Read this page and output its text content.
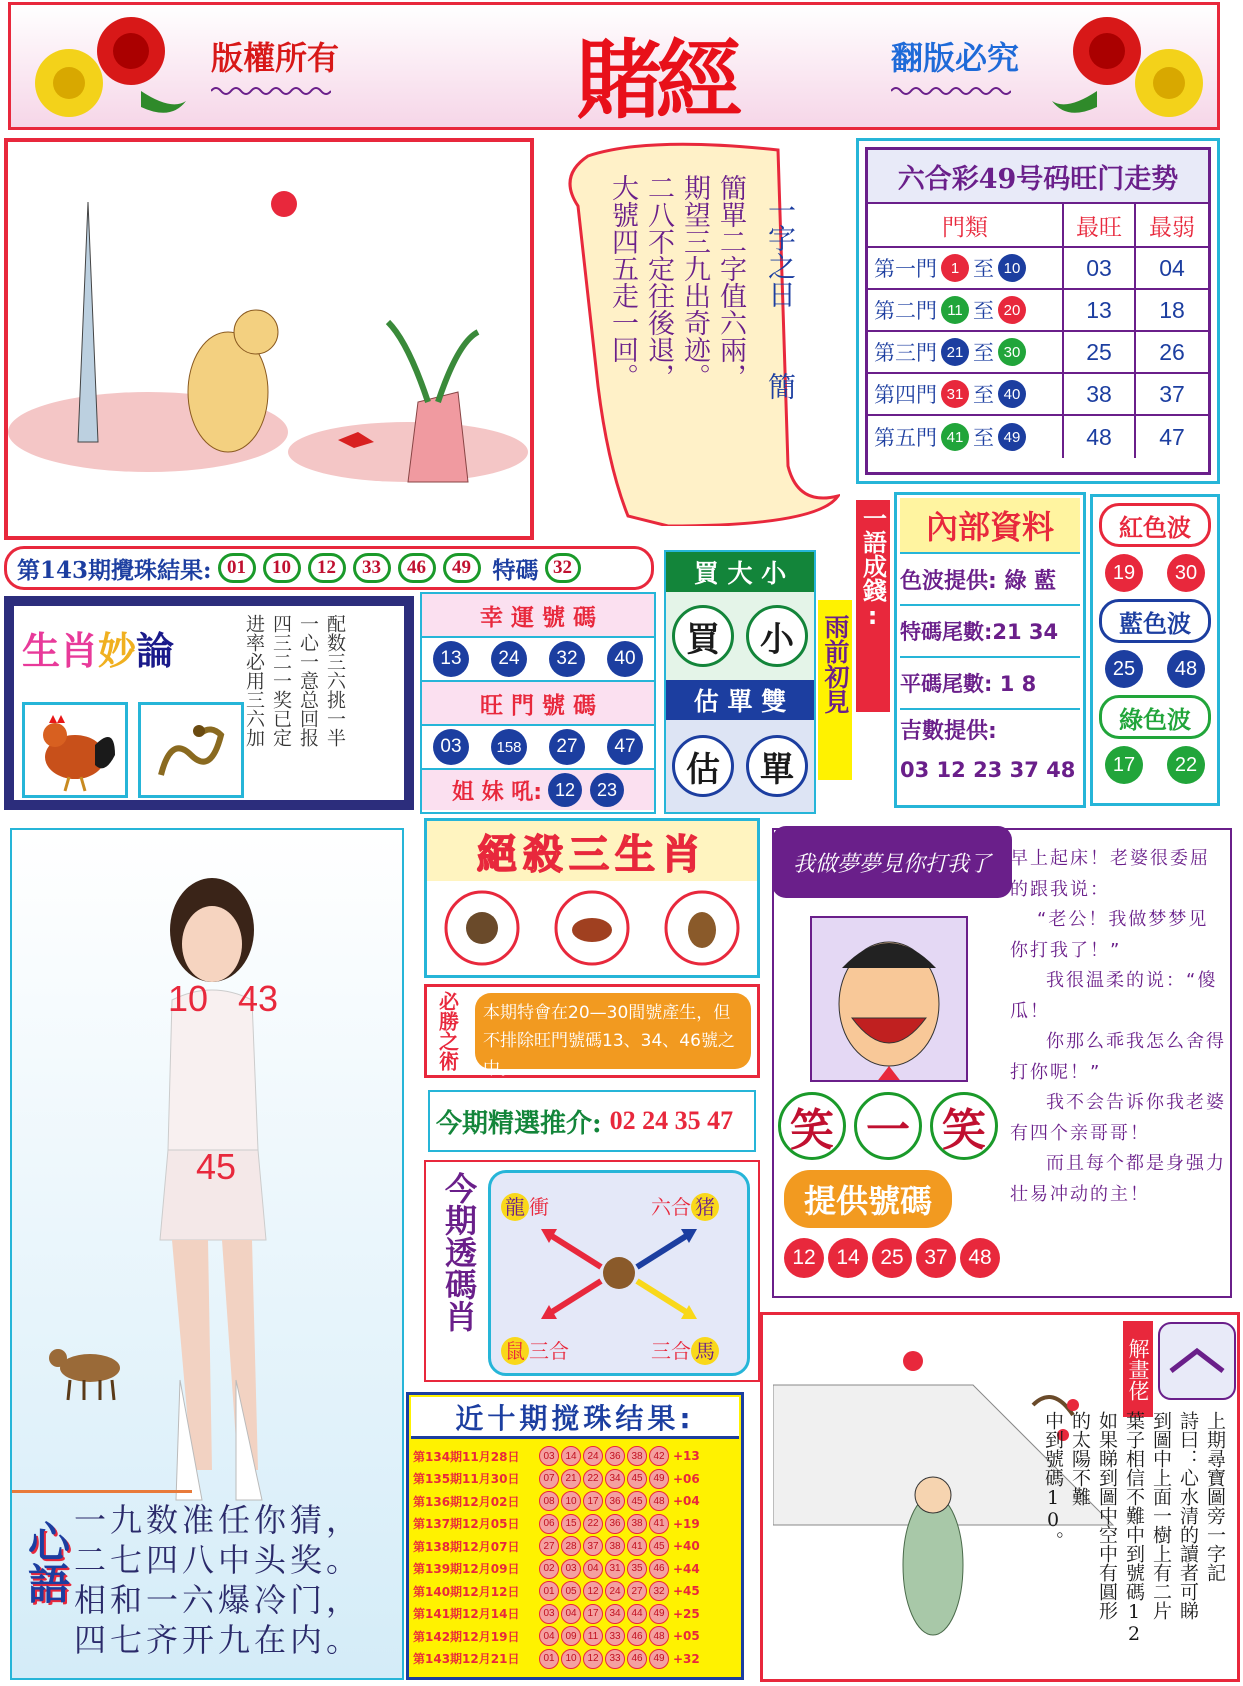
版權所有	賭經	翻版必究
一字之日
簡
簡單二字值六兩，
期望三九出奇迹。
二八不定往後退，
大號四五走一回。	六合彩49号码旺门走势
門類	最旺	最弱
第一門 1 至 10	03	04
第二門 11 至 20	13	18
第三門 21 至 30	25	26
第四門 31 至 40	38	37
第五門 41 至 49	48	47
第143期攪珠結果: 01	10	12	33	46	49 特碼 32
生肖妙論	配数三六挑一半
一心一意总回报
四三二一奖已定
进率必用三六加	幸 運 號 碼
13	24	32	40
旺 門 號 碼
03	158	27	47
姐 妹 吼: 12	23
買 大 小
買	小
估 單 雙
估	單
一語成錢:
雨前初見
內部資料
色波提供: 綠 藍
特碼尾數:21 34
平碼尾數: 1 8
吉數提供:
03 12 23 37 48
紅色波
19	30
藍色波
25	48
綠色波
17	22
10 43
45
心語 一九数准任你猜，
二七四八中头奖。
相和一六爆冷门，
四七齐开九在内。
絕殺三生肖
必勝之術	本期特會在20—30間號產生，但不排除旺門號碼13、34、46號之中。
今期精選推介: 02 24 35 47
今期透碼肖 龍 衝	六合 猪
鼠 三合	三合 馬
近十期搅珠结果:
第134期11月28日	03	14	24	36	38	42 +13
第135期11月30日	07	21	22	34	45	49 +06
第136期12月02日	08	10	17	36	45	48 +04
第137期12月05日	06	15	22	36	38	41 +19
第138期12月07日	27	28	37	38	41	45 +40
第139期12月09日	02	03	04	31	35	46 +44
第140期12月12日	01	05	12	24	27	32 +45
第141期12月14日	03	04	17	34	44	49 +25
第142期12月19日	04	09	11	33	46	48 +05
第143期12月21日	01	10	12	33	46	49 +32
我做夢夢見你打我了
笑 一 笑
提供號碼
12 14 25 37 48
早上起床！老婆很委屈的跟我说：
“老公！我做梦梦见你打我了！”
我很温柔的说：“傻瓜！
你那么乖我怎么舍得打你呢！”
我不会告诉你我老婆有四个亲哥哥！
而且每个都是身强力壮易冲动的主！
解畫佬
上期尋寶圖旁一字記
詩曰：心水清的讀者可睇
到圖中上面一樹上有二片
葉子相信不難中到號碼12
如果睇到圖中空中有圓形
的太陽不難
中到號碼10。
